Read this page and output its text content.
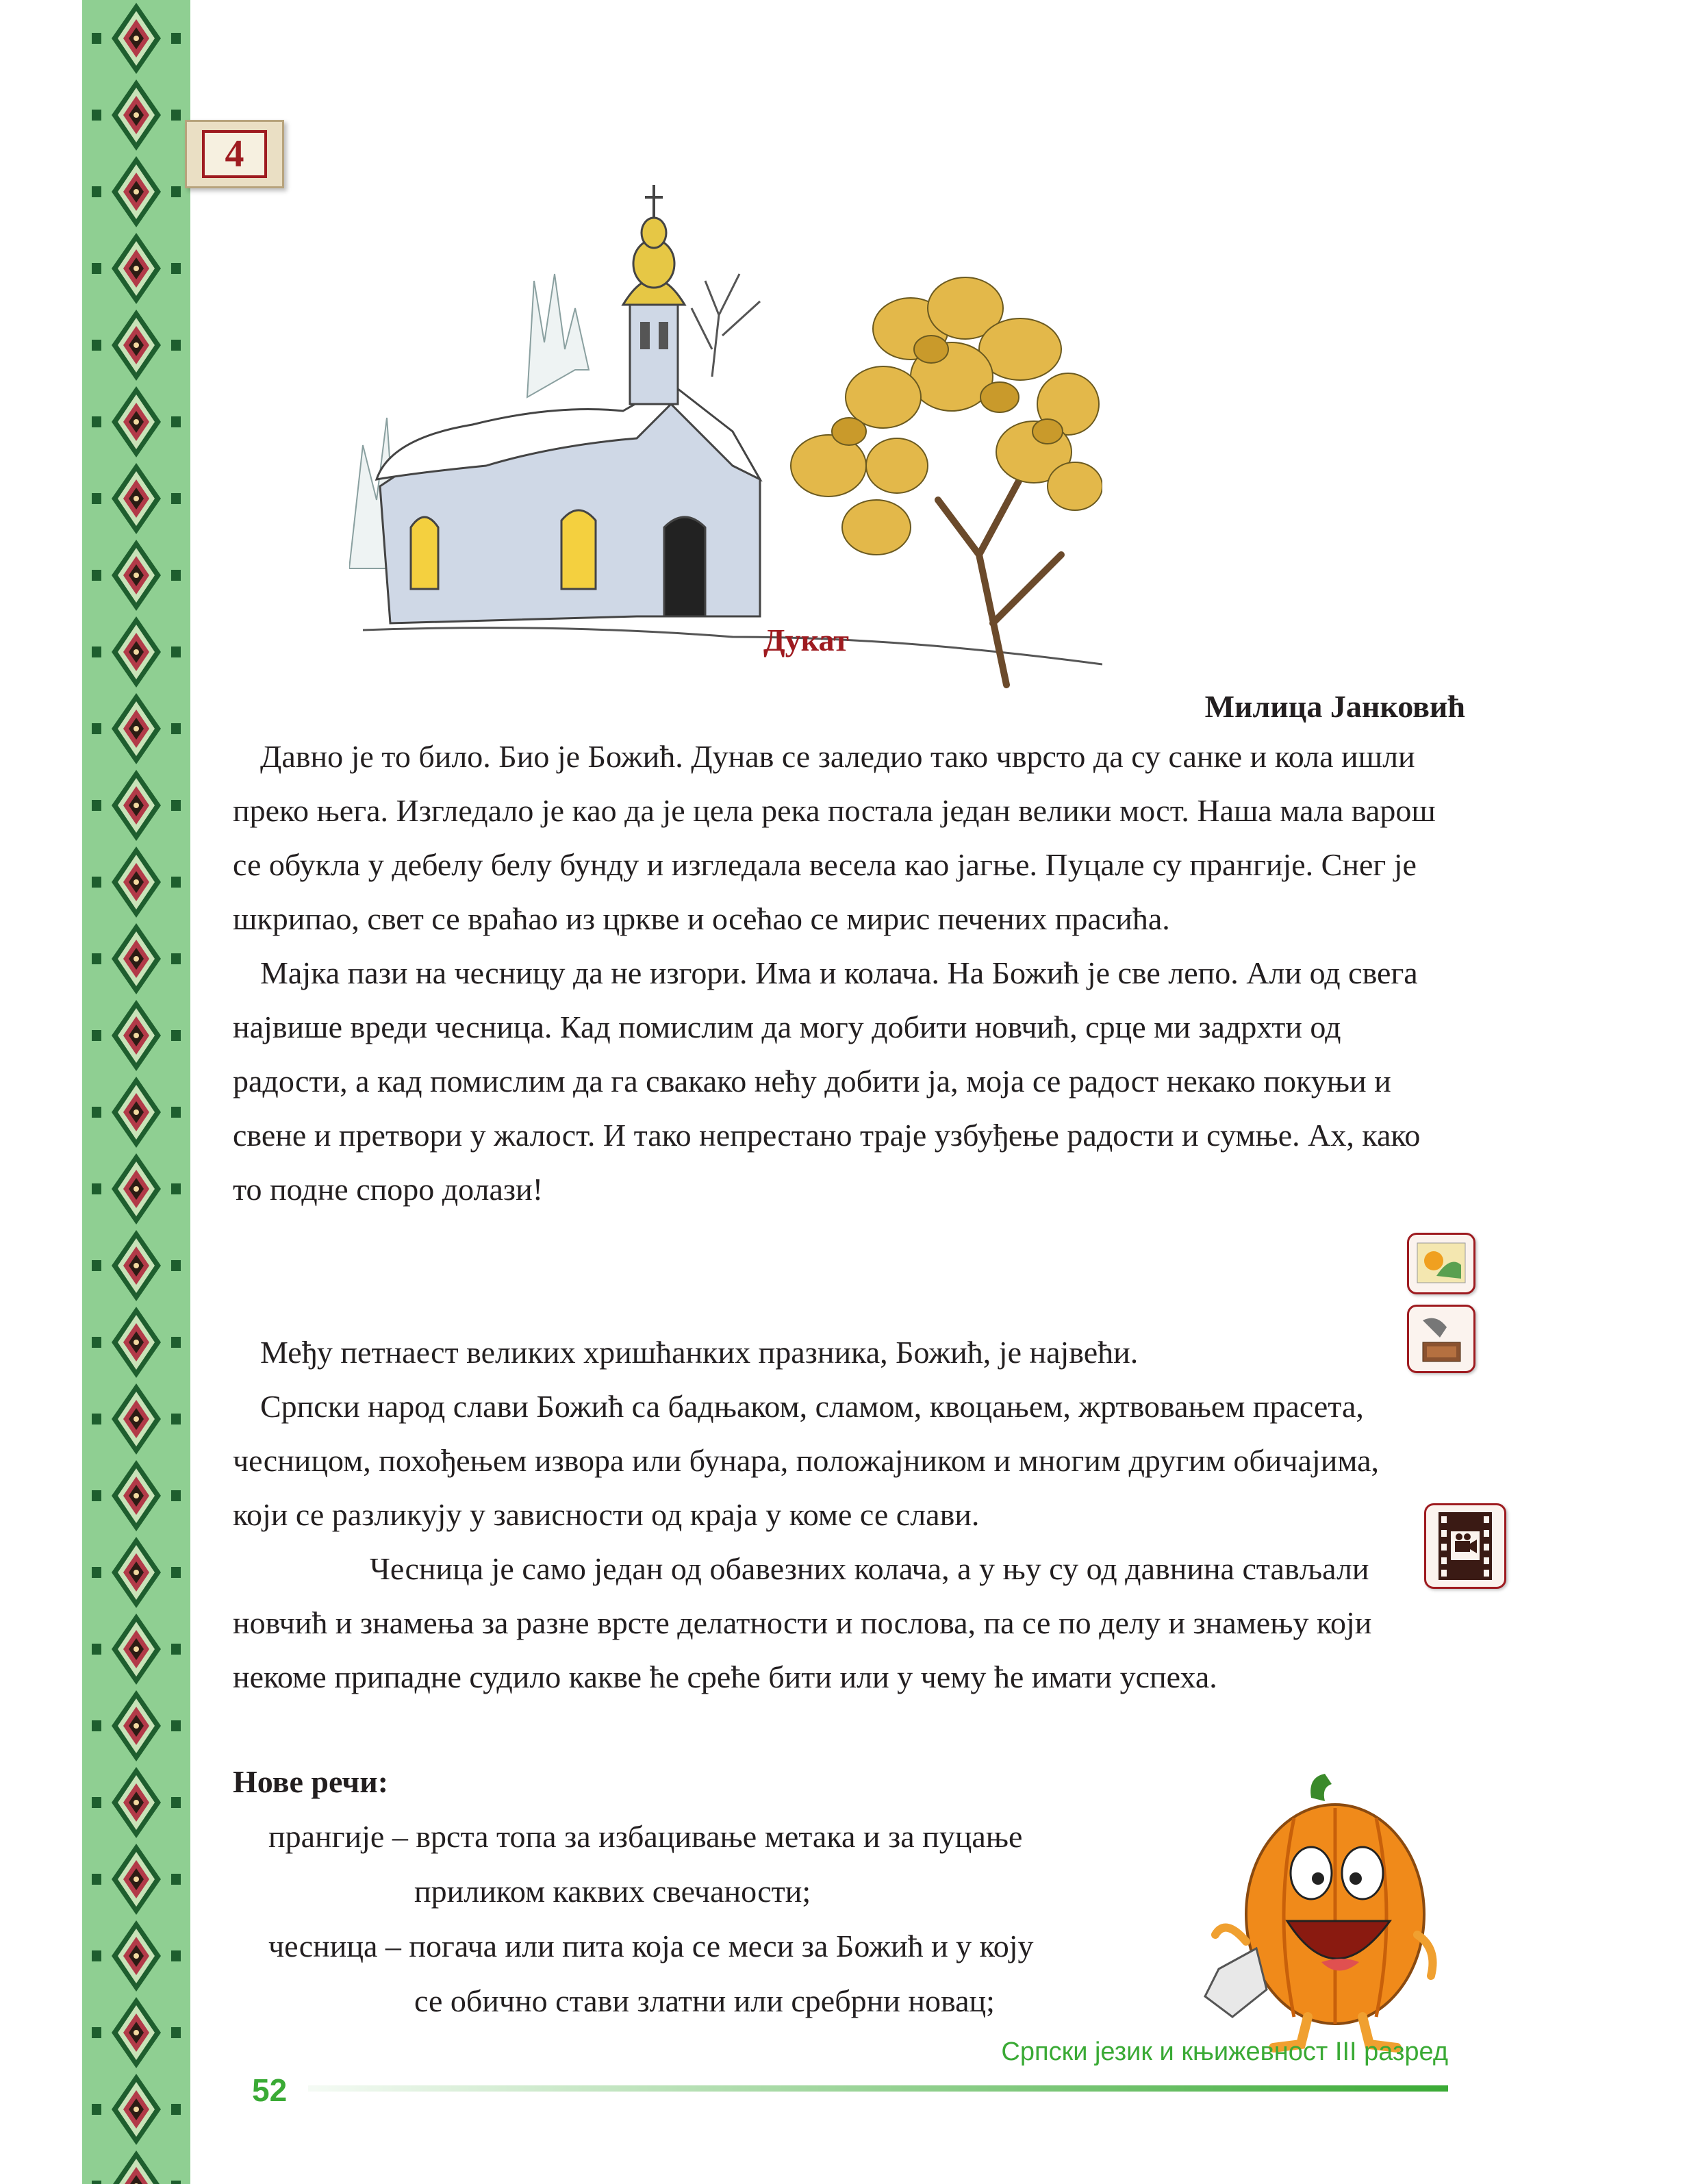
4
Дукат
Милица Јанковић

Давно је то било. Био је Божић. Дунав се заледио тако чврсто да су санке и кола ишли преко њега. Изгледало је као да је цела река постала један велики мост. Наша мала варош се обукла у дебелу белу бунду и изгледала весела као јагње. Пуцале су прангије. Снег је шкрипао, свет се враћао из цркве и осећао се мирис печених прасића.

Мајка пази на чесницу да не изгори. Има и колача. На Божић је све лепо. Али од свега највише вреди чесница. Кад помислим да могу добити новчић, срце ми задрхти од радости, а кад помислим да га свакако нећу добити ја, моја се радост некако покуњи и свене и претвори у жалост. И тако непрестано траје узбуђење радости и сумње. Ах, како то подне споро долази!

Међу петнаест великих хришћанких празника, Божић, је највећи.

Српски народ слави Божић са бадњаком, сламом, квоцањем, жртвовањем прасета, чесницом, похођењем извора или бунара, положајником и многим другим обичајима, који се разликују у зависности од краја у коме се слави.

Чесница је само један од обавезних колача, а у њу су од давнина стављали новчић и знамења за разне врсте делатности и послова, па се по делу и знамењу који некоме припадне судило какве ће среће бити или у чему ће имати успеха.

Нове речи:
прангије – врста топа за избацивање метака и за пуцање
приликом каквих свечаности;
чесница – погача или пита која се меси за Божић и у коју
се обично стави златни или сребрни новац;
Српски језик и књижевност III разред
52
